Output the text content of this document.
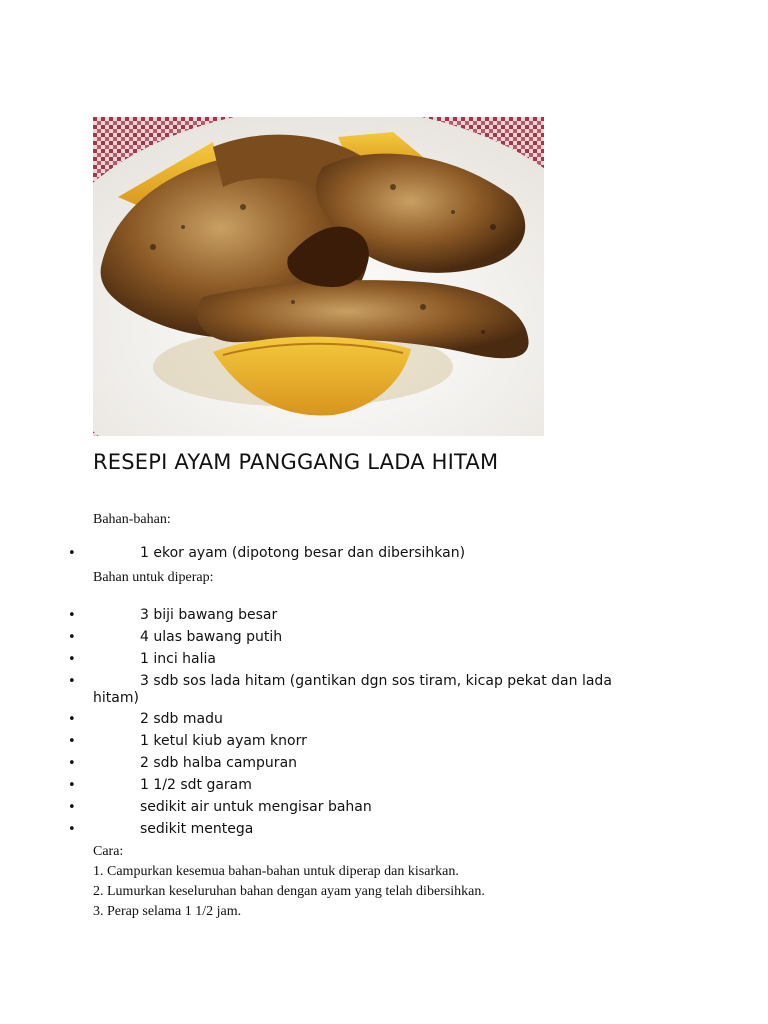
RESEPI AYAM PANGGANG LADA HITAM

Bahan-bahan:

•	1 ekor ayam (dipotong besar dan dibersihkan)

Bahan untuk diperap:

•	3 biji bawang besar
•	4 ulas bawang putih
•	1 inci halia
•	3 sdb sos lada hitam (gantikan dgn sos tiram, kicap pekat dan lada hitam)
•	2 sdb madu
•	1 ketul kiub ayam knorr
•	2 sdb halba campuran
•	1 1/2 sdt garam
•	sedikit air untuk mengisar bahan
•	sedikit mentega

Cara:

1. Campurkan kesemua bahan-bahan untuk diperap dan kisarkan.
2. Lumurkan keseluruhan bahan dengan ayam yang telah dibersihkan.
3. Perap selama 1 1/2 jam.
